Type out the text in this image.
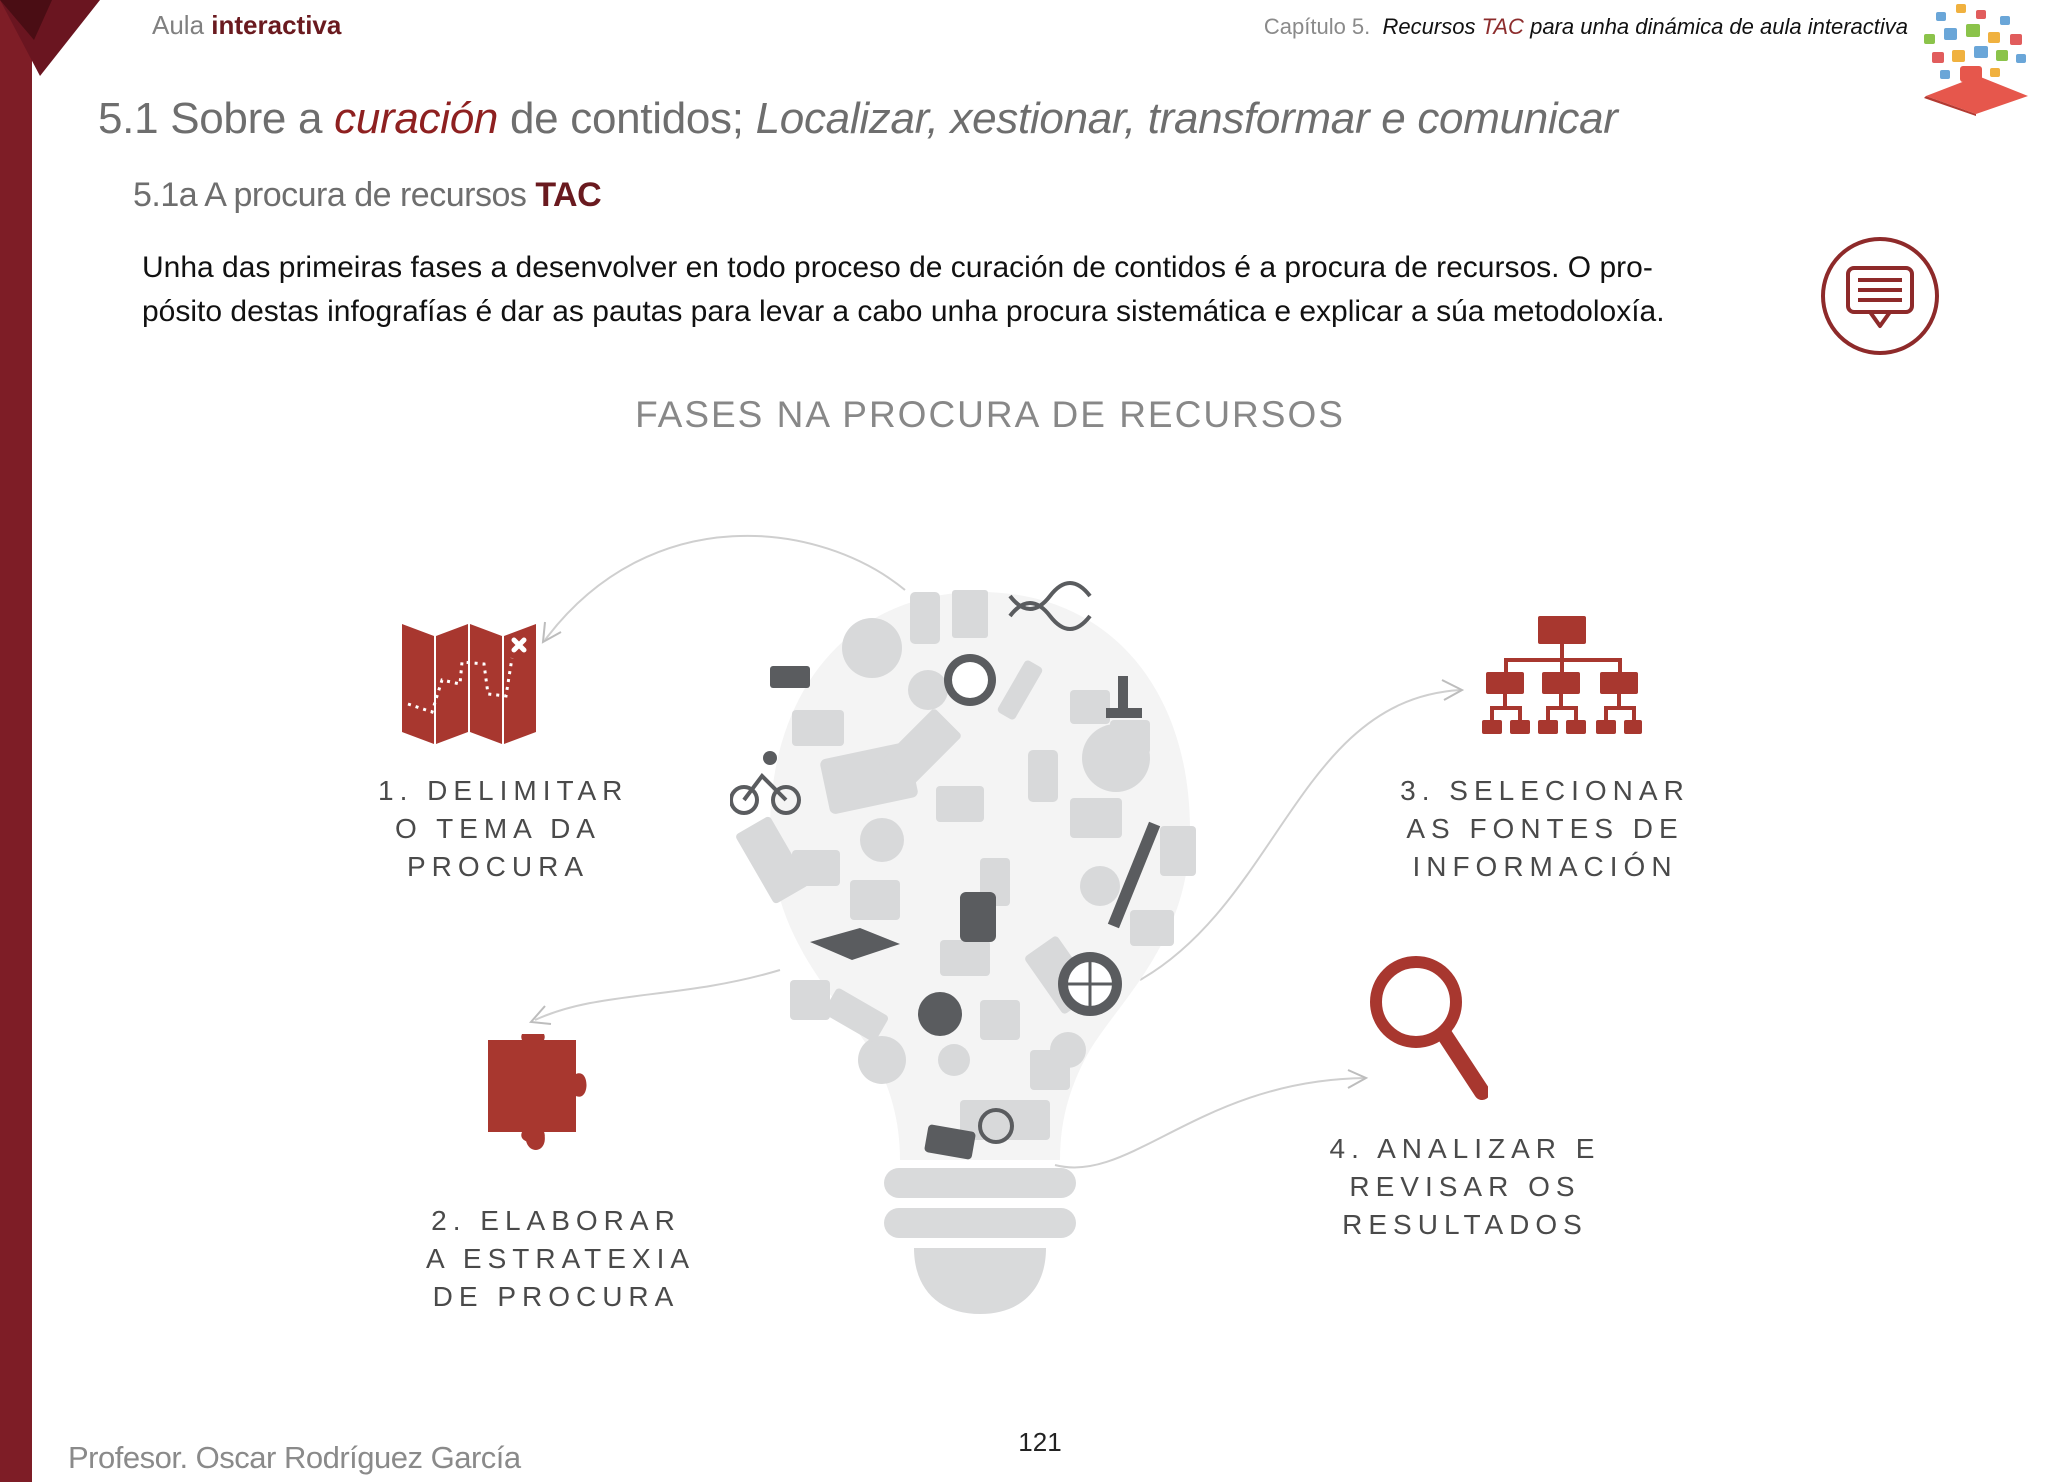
Aula interactiva	Capítulo 5. Recursos TAC para unha dinámica de aula interactiva
5.1 Sobre a curación de contidos; Localizar, xestionar, transformar e comunicar
5.1a A procura de recursos TAC
Unha das primeiras fases a desenvolver en todo proceso de curación de contidos é a procura de recursos. O pro-
pósito destas infografías é dar as pautas para levar a cabo unha procura sistemática e explicar a súa metodoloxía.
FASES NA PROCURA DE RECURSOS
1. DELIMITAR
O TEMA DA
PROCURA
2. ELABORAR
A ESTRATEXIA
DE PROCURA
3. SELECIONAR
AS FONTES DE
INFORMACIÓN
4. ANALIZAR E
REVISAR OS
RESULTADOS
121
Profesor. Oscar Rodríguez García
